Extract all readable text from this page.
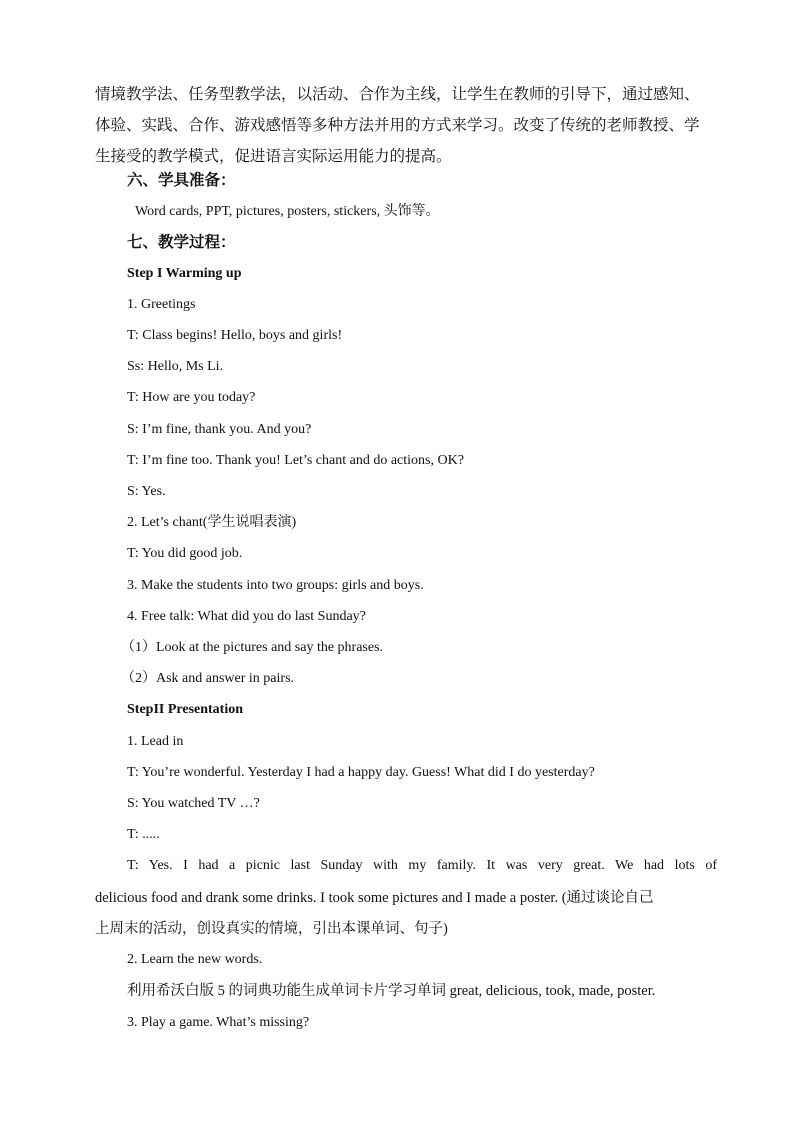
情境教学法、任务型教学法，以活动、合作为主线，让学生在教师的引导下，通过感知、

体验、实践、合作、游戏感悟等多种方法并用的方式来学习。改变了传统的老师教授、学

生接受的教学模式，促进语言实际运用能力的提高。

六、学具准备：

Word cards, PPT, pictures, posters, stickers, 头饰等。

七、教学过程：

Step I Warming up

1. Greetings

T: Class begins! Hello, boys and girls!

Ss: Hello, Ms Li.

T: How are you today?

S: I’m fine, thank you. And you?

T: I’m fine too. Thank you! Let’s chant and do actions, OK?

S: Yes.

2. Let’s chant(学生说唱表演)

T: You did good job.

3. Make the students into two groups: girls and boys.

4. Free talk: What did you do last Sunday?

（1）Look at the pictures and say the phrases.

（2）Ask and answer in pairs.

StepII Presentation

1. Lead in

T: You’re wonderful. Yesterday I had a happy day. Guess! What did I do yesterday?

S: You watched TV …?

T: .....

T: Yes. I had a picnic last Sunday with my family. It was very great. We had lots of

delicious food and drank some drinks. I took some pictures and I made a poster. (通过谈论自己

上周末的活动，创设真实的情境，引出本课单词、句子)

2. Learn the new words.

利用希沃白版 5 的词典功能生成单词卡片学习单词 great, delicious, took, made, poster.

3. Play a game. What’s missing?
